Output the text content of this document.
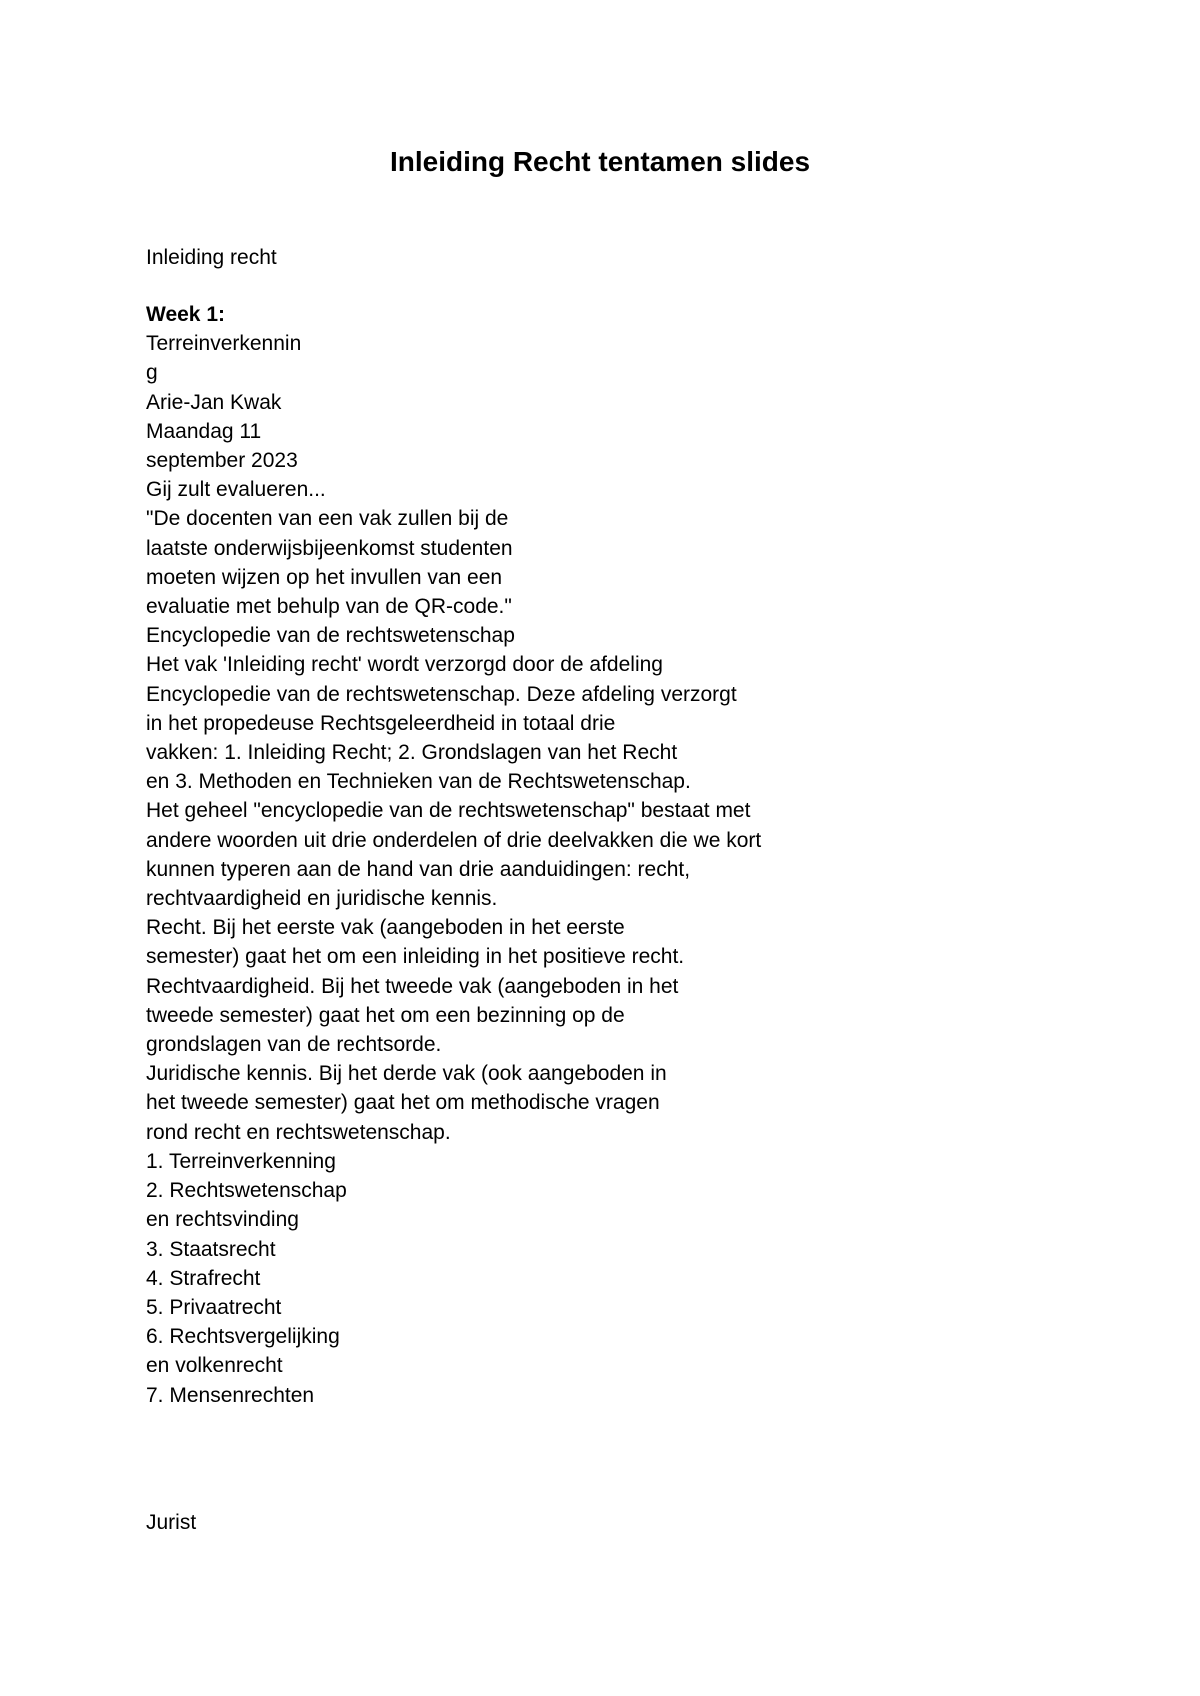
Inleiding Recht tentamen slides

Inleiding recht

Week 1:
Terreinverkennin
g
Arie-Jan Kwak
Maandag 11
september 2023
Gij zult evalueren...
"De docenten van een vak zullen bij de
laatste onderwijsbijeenkomst studenten
moeten wijzen op het invullen van een
evaluatie met behulp van de QR-code."
Encyclopedie van de rechtswetenschap
Het vak 'Inleiding recht' wordt verzorgd door de afdeling
Encyclopedie van de rechtswetenschap. Deze afdeling verzorgt
in het propedeuse Rechtsgeleerdheid in totaal drie
vakken: 1. Inleiding Recht; 2. Grondslagen van het Recht
en 3. Methoden en Technieken van de Rechtswetenschap.
Het geheel "encyclopedie van de rechtswetenschap" bestaat met
andere woorden uit drie onderdelen of drie deelvakken die we kort
kunnen typeren aan de hand van drie aanduidingen: recht,
rechtvaardigheid en juridische kennis.
Recht. Bij het eerste vak (aangeboden in het eerste
semester) gaat het om een inleiding in het positieve recht.
Rechtvaardigheid. Bij het tweede vak (aangeboden in het
tweede semester) gaat het om een bezinning op de
grondslagen van de rechtsorde.
Juridische kennis. Bij het derde vak (ook aangeboden in
het tweede semester) gaat het om methodische vragen
rond recht en rechtswetenschap.
1. Terreinverkenning
2. Rechtswetenschap
en rechtsvinding
3. Staatsrecht
4. Strafrecht
5. Privaatrecht
6. Rechtsvergelijking
en volkenrecht
7. Mensenrechten

Jurist
